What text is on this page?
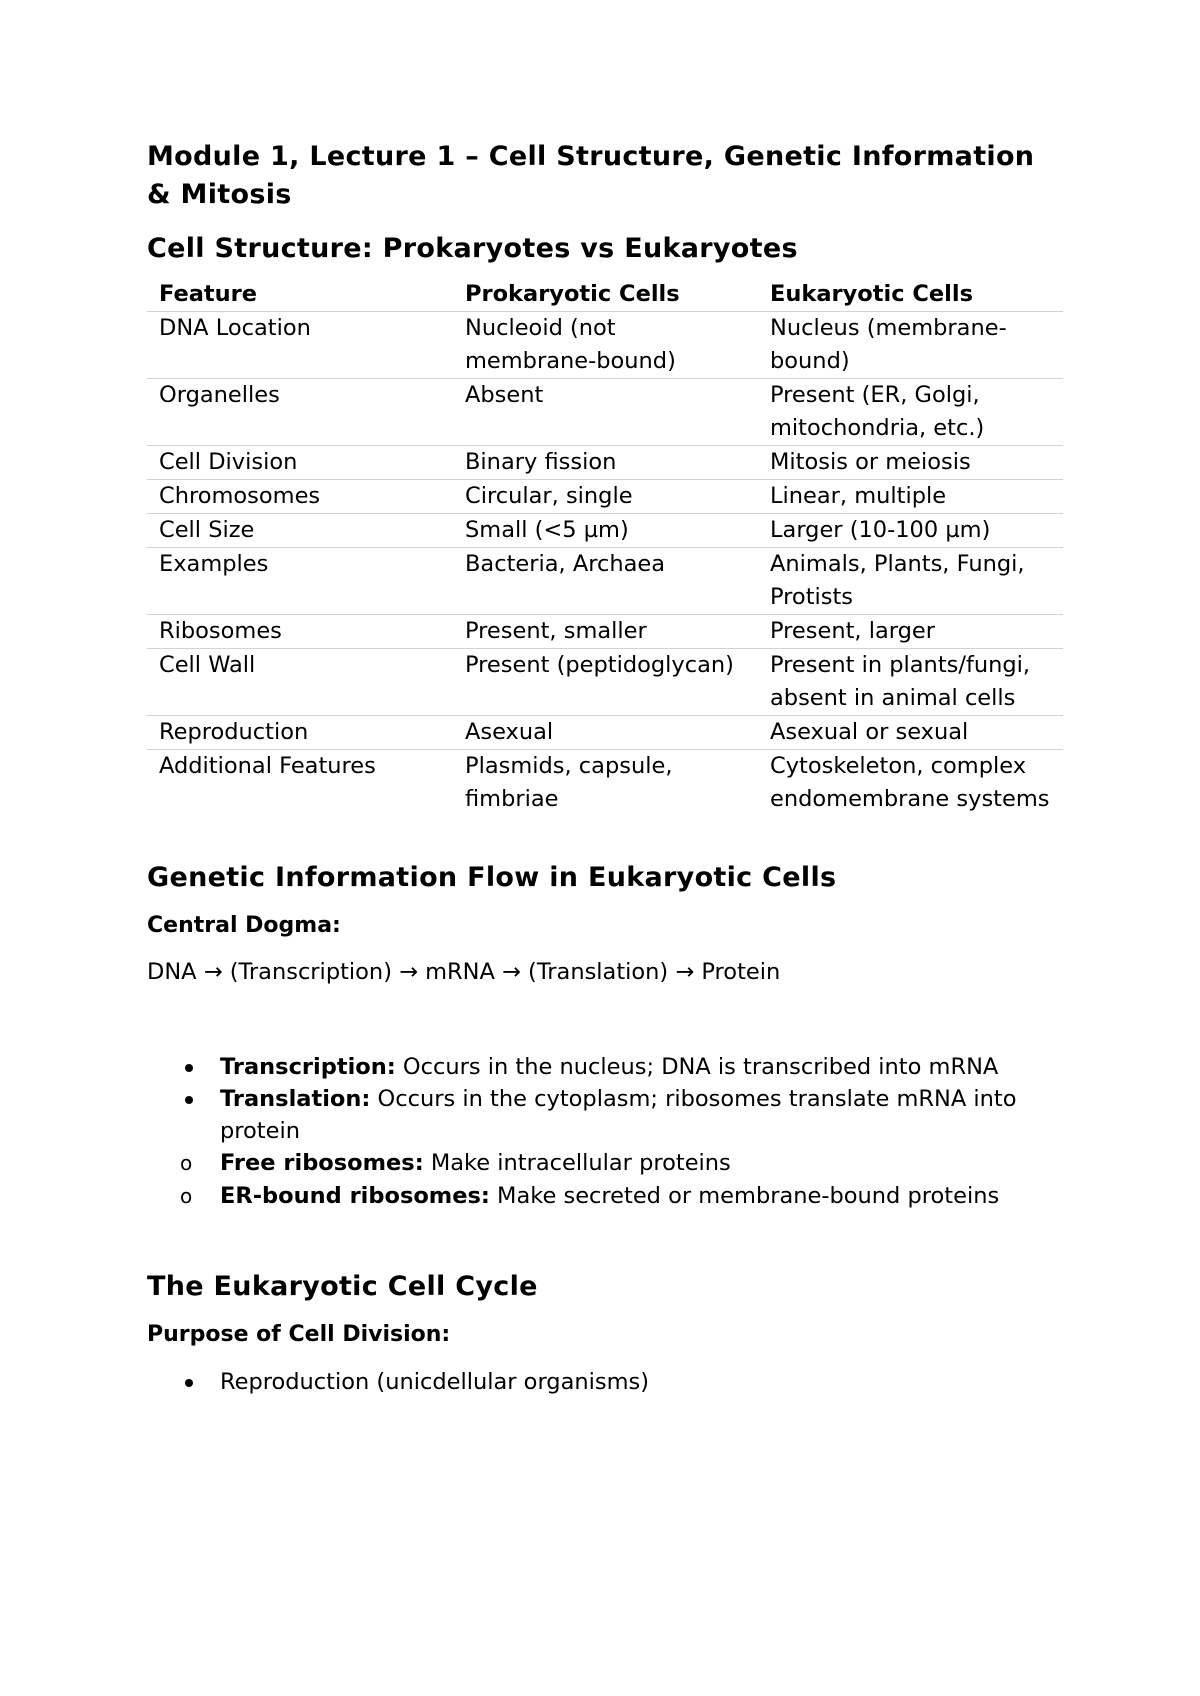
Module 1, Lecture 1 – Cell Structure, Genetic Information & Mitosis
Cell Structure: Prokaryotes vs Eukaryotes
Feature	Prokaryotic Cells	Eukaryotic Cells
DNA Location	Nucleoid (not membrane-bound)	Nucleus (membrane-bound)
Organelles	Absent	Present (ER, Golgi, mitochondria, etc.)
Cell Division	Binary fission	Mitosis or meiosis
Chromosomes	Circular, single	Linear, multiple
Cell Size	Small (<5 µm)	Larger (10-100 µm)
Examples	Bacteria, Archaea	Animals, Plants, Fungi, Protists
Ribosomes	Present, smaller	Present, larger
Cell Wall	Present (peptidoglycan)	Present in plants/fungi, absent in animal cells
Reproduction	Asexual	Asexual or sexual
Additional Features	Plasmids, capsule, fimbriae	Cytoskeleton, complex endomembrane systems
Genetic Information Flow in Eukaryotic Cells

Central Dogma:

DNA → (Transcription) → mRNA → (Translation) → Protein

Transcription: Occurs in the nucleus; DNA is transcribed into mRNA
Translation: Occurs in the cytoplasm; ribosomes translate mRNA into protein
o Free ribosomes: Make intracellular proteins
o ER-bound ribosomes: Make secreted or membrane-bound proteins
The Eukaryotic Cell Cycle

Purpose of Cell Division:

Reproduction (unicdellular organisms)
